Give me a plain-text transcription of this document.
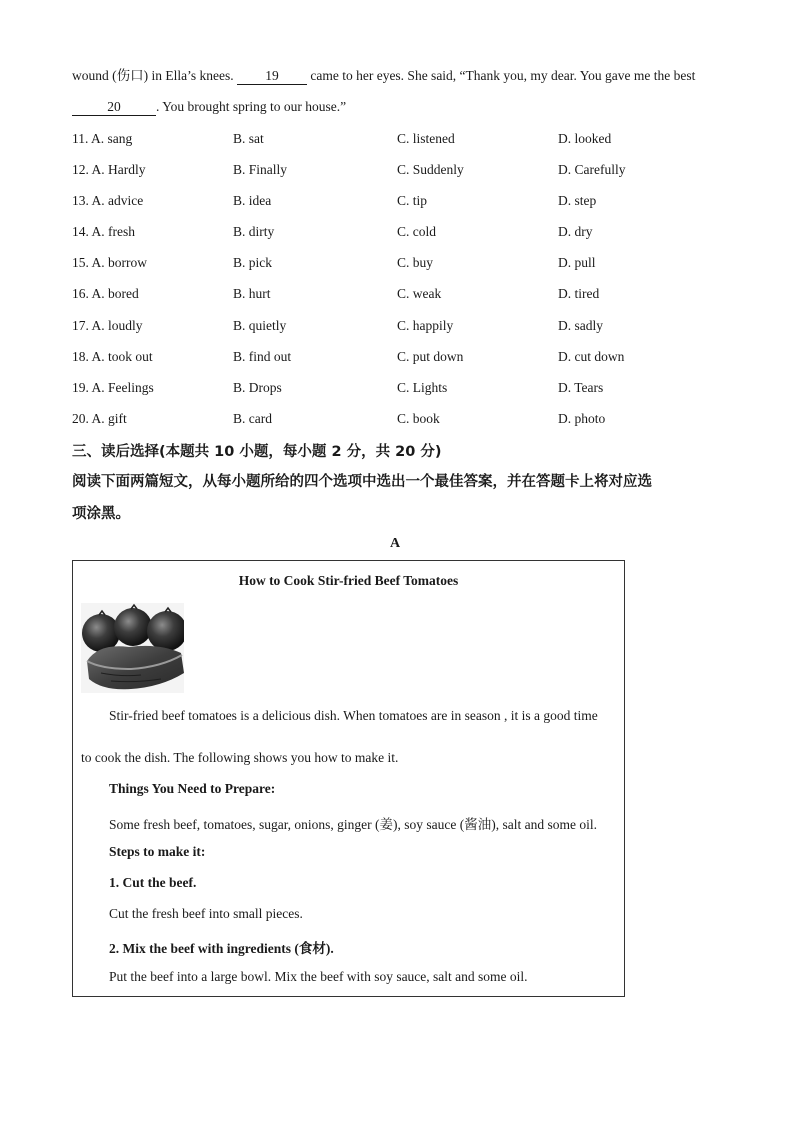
wound (伤口) in Ella’s knees. 19 came to her eyes. She said, “Thank you, my dear. You gave me the best
20	. You brought spring to our house.”
11. A. sang	B. sat	C. listened	D. looked
12. A. Hardly	B. Finally	C. Suddenly	D. Carefully
13. A. advice	B. idea	C. tip	D. step
14. A. fresh	B. dirty	C. cold	D. dry
15. A. borrow	B. pick	C. buy	D. pull
16. A. bored	B. hurt	C. weak	D. tired
17. A. loudly	B. quietly	C. happily	D. sadly
18. A. took out	B. find out	C. put down	D. cut down
19. A. Feelings	B. Drops	C. Lights	D. Tears
20. A. gift	B. card	C. book	D. photo
三、读后选择(本题共 10 小题，每小题 2 分，共 20 分)
阅读下面两篇短文，从每小题所给的四个选项中选出一个最佳答案，并在答题卡上将对应选
项涂黑。
A
How to Cook Stir-fried Beef Tomatoes
Stir-fried beef tomatoes is a delicious dish. When tomatoes are in season , it is a good time
to cook the dish. The following shows you how to make it.
Things You Need to Prepare:
Some fresh beef, tomatoes, sugar, onions, ginger (姜), soy sauce (酱油), salt and some oil.
Steps to make it:
1. Cut the beef.
Cut the fresh beef into small pieces.
2. Mix the beef with ingredients (食材).
Put the beef into a large bowl. Mix the beef with soy sauce, salt and some oil.
